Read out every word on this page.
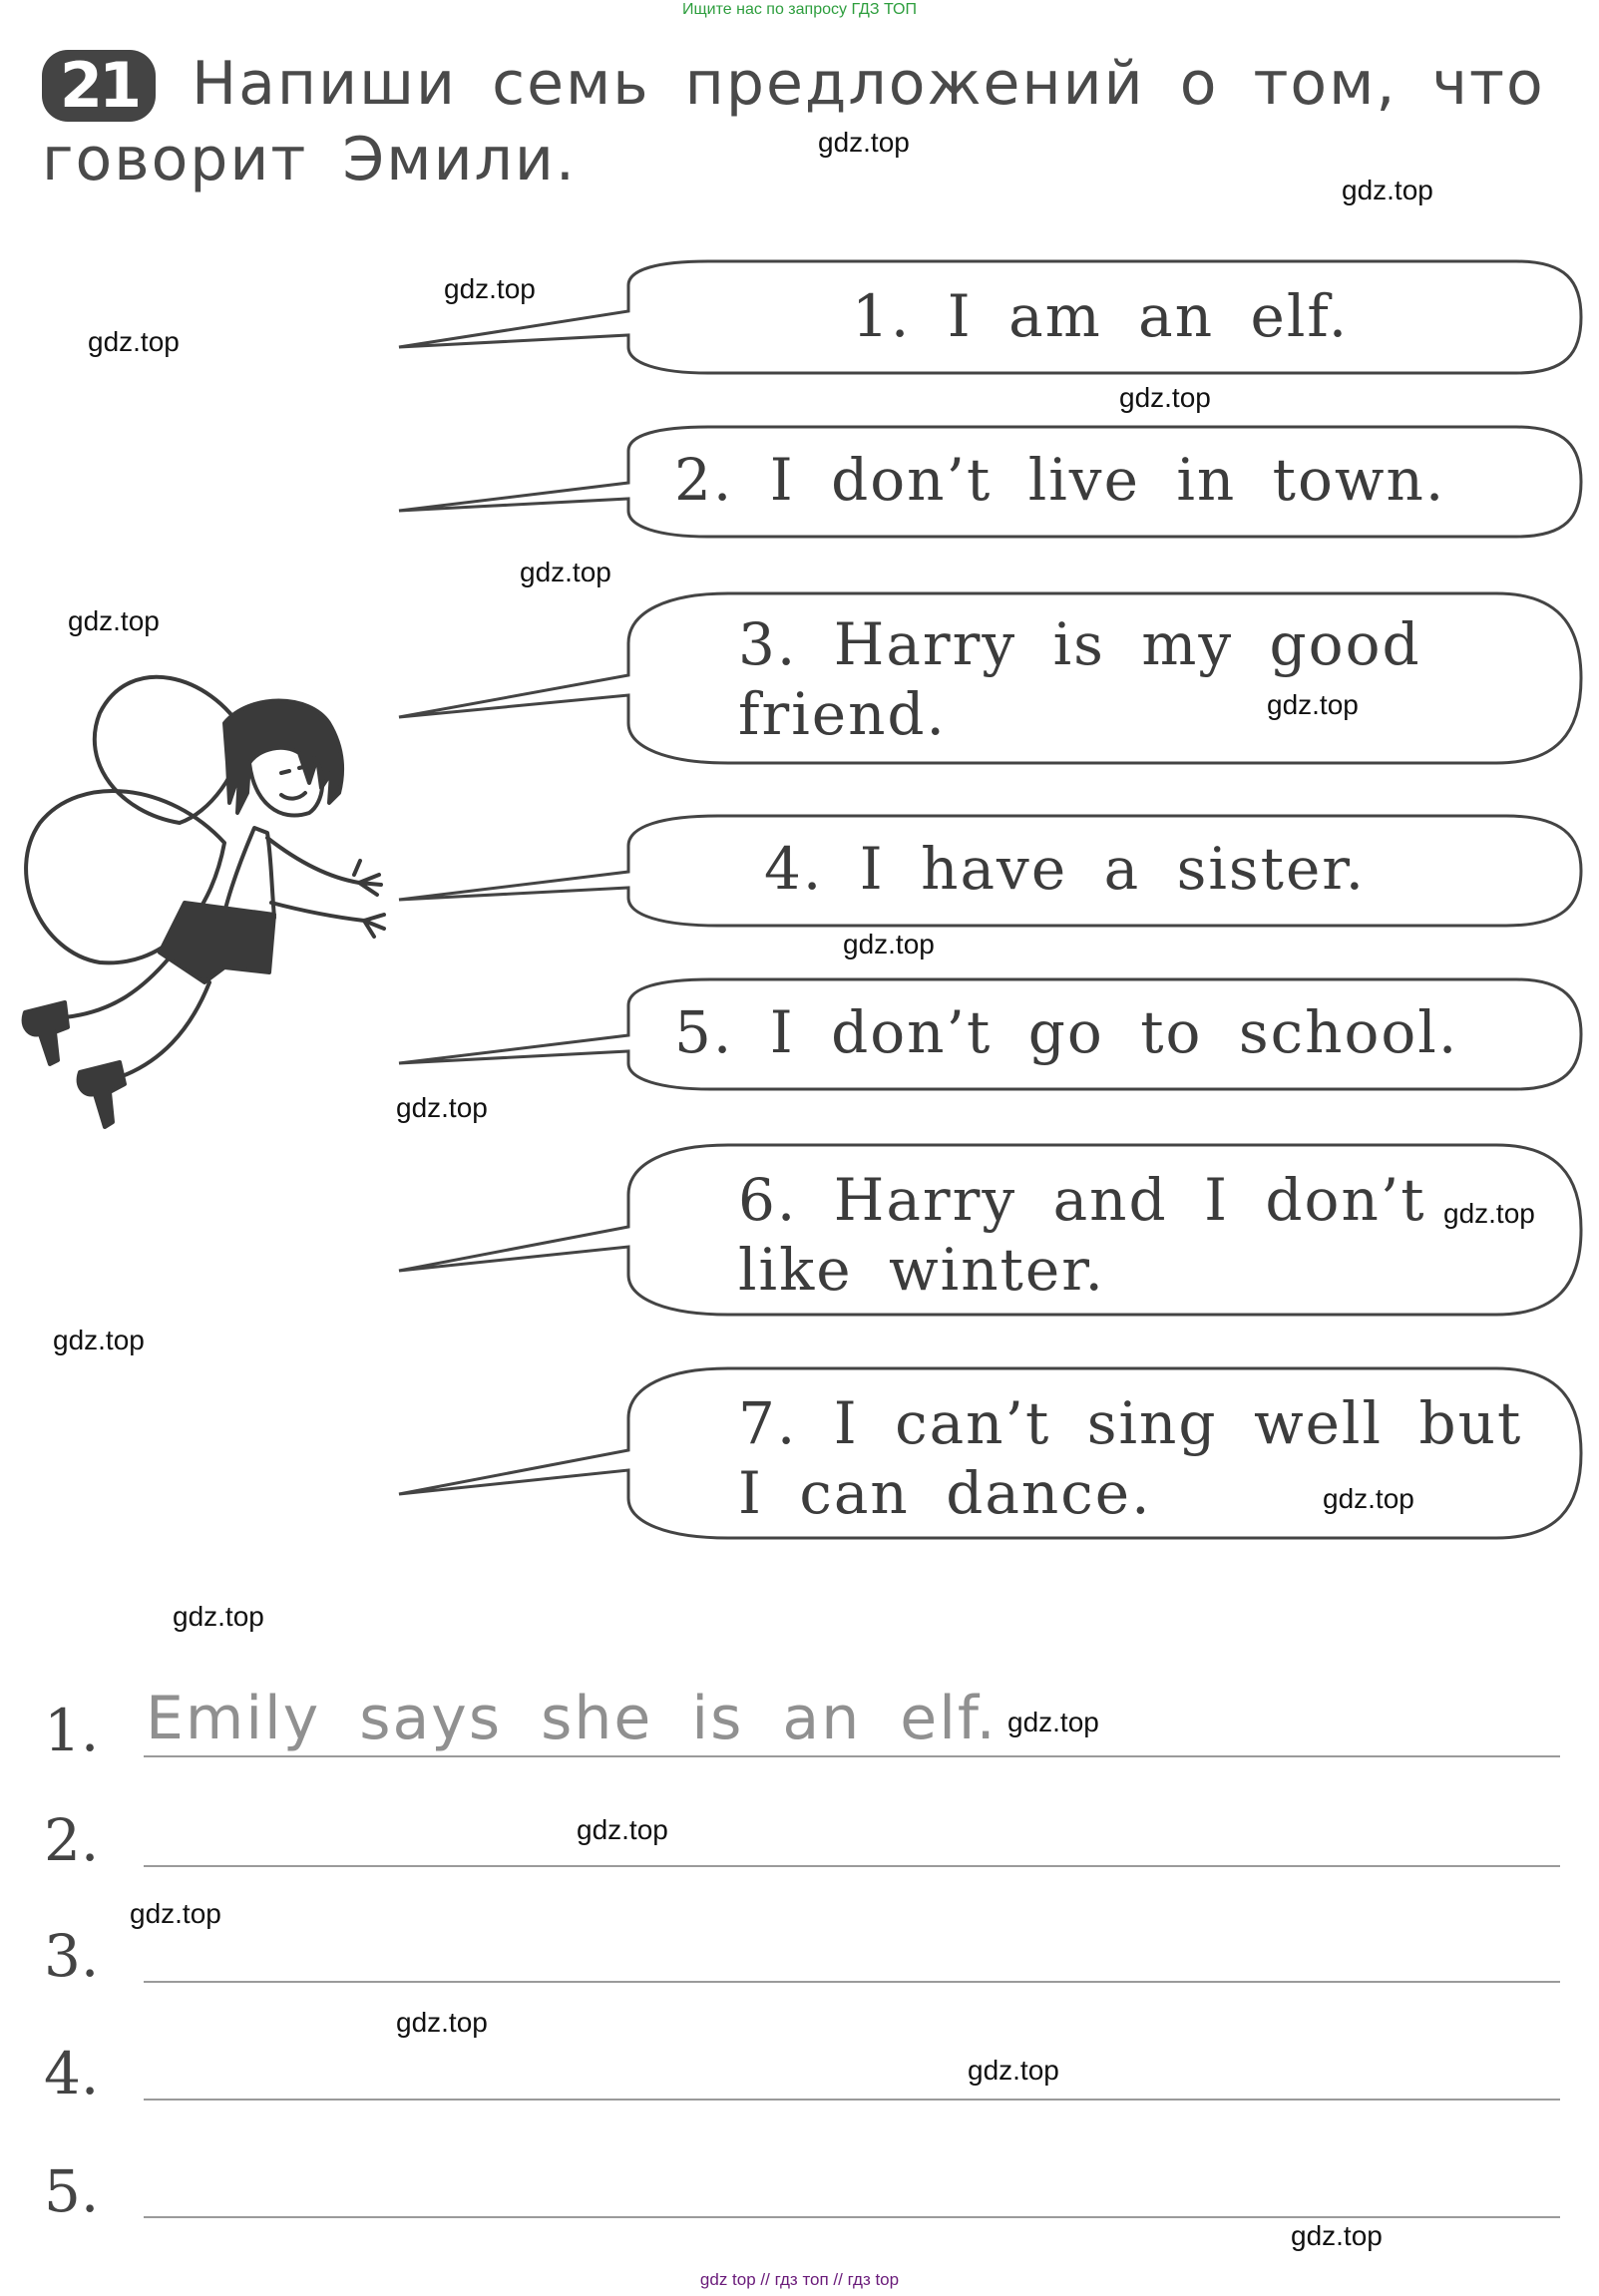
Ищите нас по запросу ГДЗ ТОП
21 Напиши семь предложений о том, что говорит Эмили.
1. I am an elf.
2. I don’t live in town.
3. Harry is my good
friend.
4. I have a sister.
5. I don’t go to school.
6. Harry and I don’t
like winter.
7. I can’t sing well but
I can dance.
1. Emily says she is an elf.
2.
3.
4.
5.
gdz.top
gdz.top
gdz.top
gdz.top
gdz.top
gdz.top
gdz.top
gdz.top
gdz.top
gdz.top
gdz.top
gdz.top
gdz.top
gdz.top
gdz.top
gdz.top
gdz.top
gdz.top
gdz.top
gdz.top
gdz top // гдз топ // гдз top
